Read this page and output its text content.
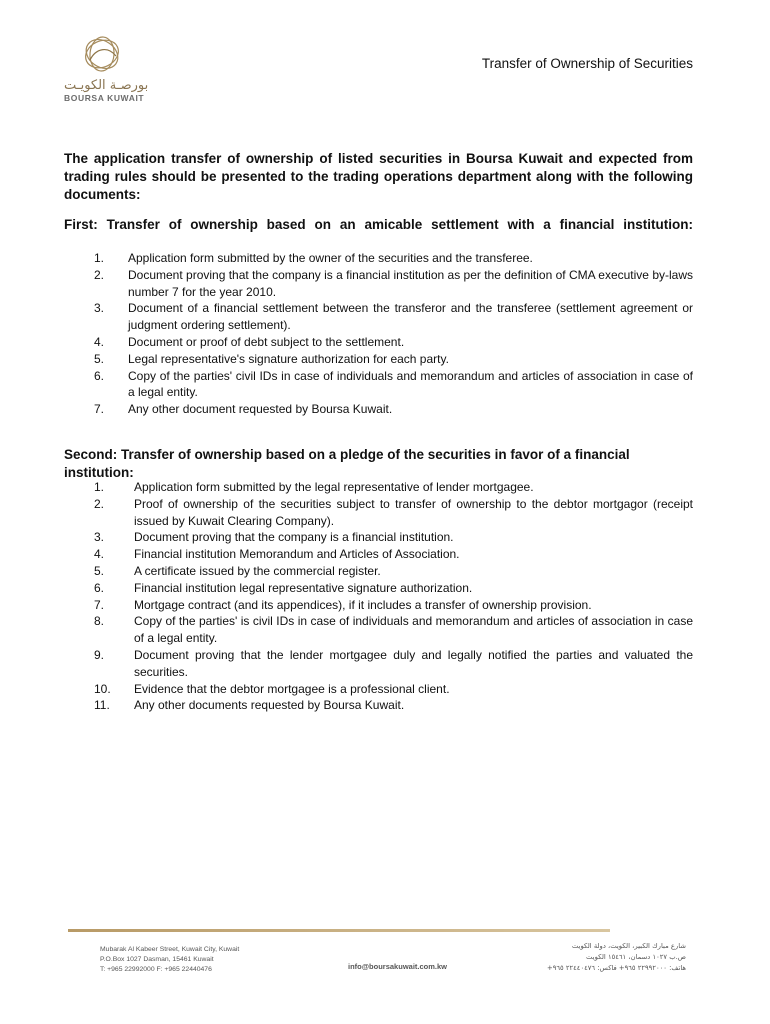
بورصـة الكويـت
BOURSA KUWAIT
Transfer of Ownership of Securities
The application transfer of ownership of listed securities in Boursa Kuwait and expected from trading rules should be presented to the trading operations department along with the following documents:
First: Transfer of ownership based on an amicable settlement with a financial institution:
1. Application form submitted by the owner of the securities and the transferee.
2. Document proving that the company is a financial institution as per the definition of CMA executive by-laws number 7 for the year 2010.
3. Document of a financial settlement between the transferor and the transferee (settlement agreement or judgment ordering settlement).
4. Document or proof of debt subject to the settlement.
5. Legal representative's signature authorization for each party.
6. Copy of the parties' civil IDs in case of individuals and memorandum and articles of association in case of a legal entity.
7. Any other document requested by Boursa Kuwait.
Second: Transfer of ownership based on a pledge of the securities in favor of a financial institution:
1. Application form submitted by the legal representative of lender mortgagee.
2. Proof of ownership of the securities subject to transfer of ownership to the debtor mortgagor (receipt issued by Kuwait Clearing Company).
3. Document proving that the company is a financial institution.
4. Financial institution Memorandum and Articles of Association.
5. A certificate issued by the commercial register.
6. Financial institution legal representative signature authorization.
7. Mortgage contract (and its appendices), if it includes a transfer of ownership provision.
8. Copy of the parties' is civil IDs in case of individuals and memorandum and articles of association in case of a legal entity.
9. Document proving that the lender mortgagee duly and legally notified the parties and valuated the securities.
10. Evidence that the debtor mortgagee is a professional client.
11. Any other documents requested by Boursa Kuwait.
Mubarak Al Kabeer Street, Kuwait City, Kuwait
P.O.Box 1027 Dasman, 15461 Kuwait
T: +965 22992000 F: +965 22440476	info@boursakuwait.com.kw
شارع مبارك الكبير، الكويت، دولة الكويت
ص.ب ١٠٢٧ دسمان، ١٥٤٦١ الكويت
هاتف: ٢٢٩٩٢٠٠٠ ٩٦٥+ فاكس: ٢٢٤٤٠٤٧٦ ٩٦٥+
